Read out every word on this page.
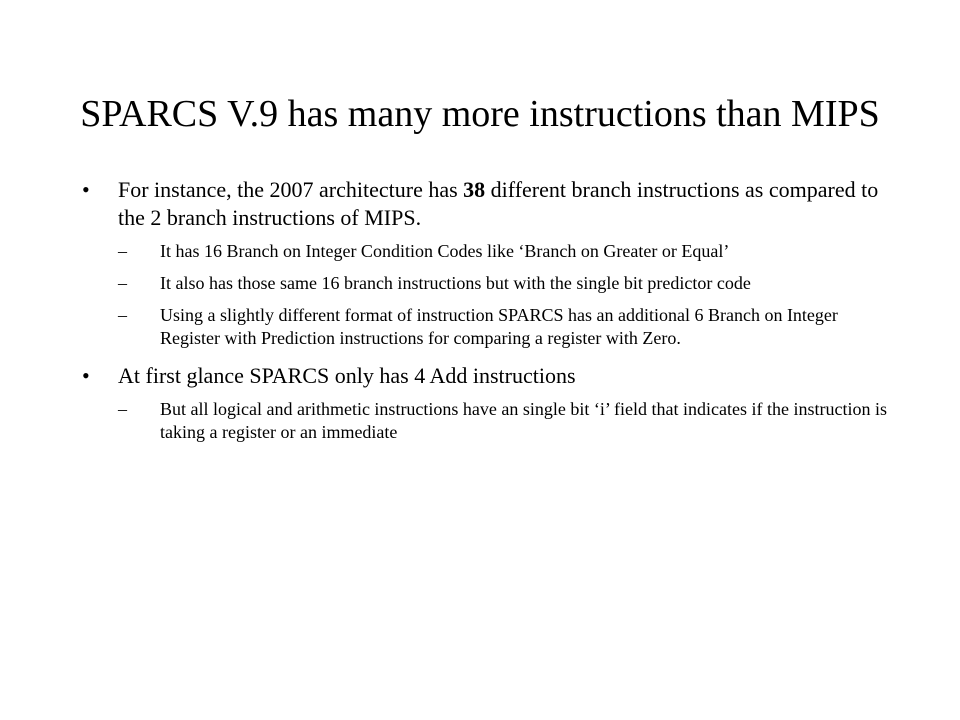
SPARCS V.9 has many more instructions than MIPS

• For instance, the 2007 architecture has 38 different branch instructions as compared to the 2 branch instructions of MIPS.

– It has 16 Branch on Integer Condition Codes like ‘Branch on Greater or Equal’

– It also has those same 16 branch instructions but with the single bit predictor code

– Using a slightly different format of instruction SPARCS has an additional 6 Branch on Integer Register with Prediction instructions for comparing a register with Zero.

• At first glance SPARCS only has 4 Add instructions

– But all logical and arithmetic instructions have an single bit ‘i’ field that indicates if the instruction is taking a register or an immediate
